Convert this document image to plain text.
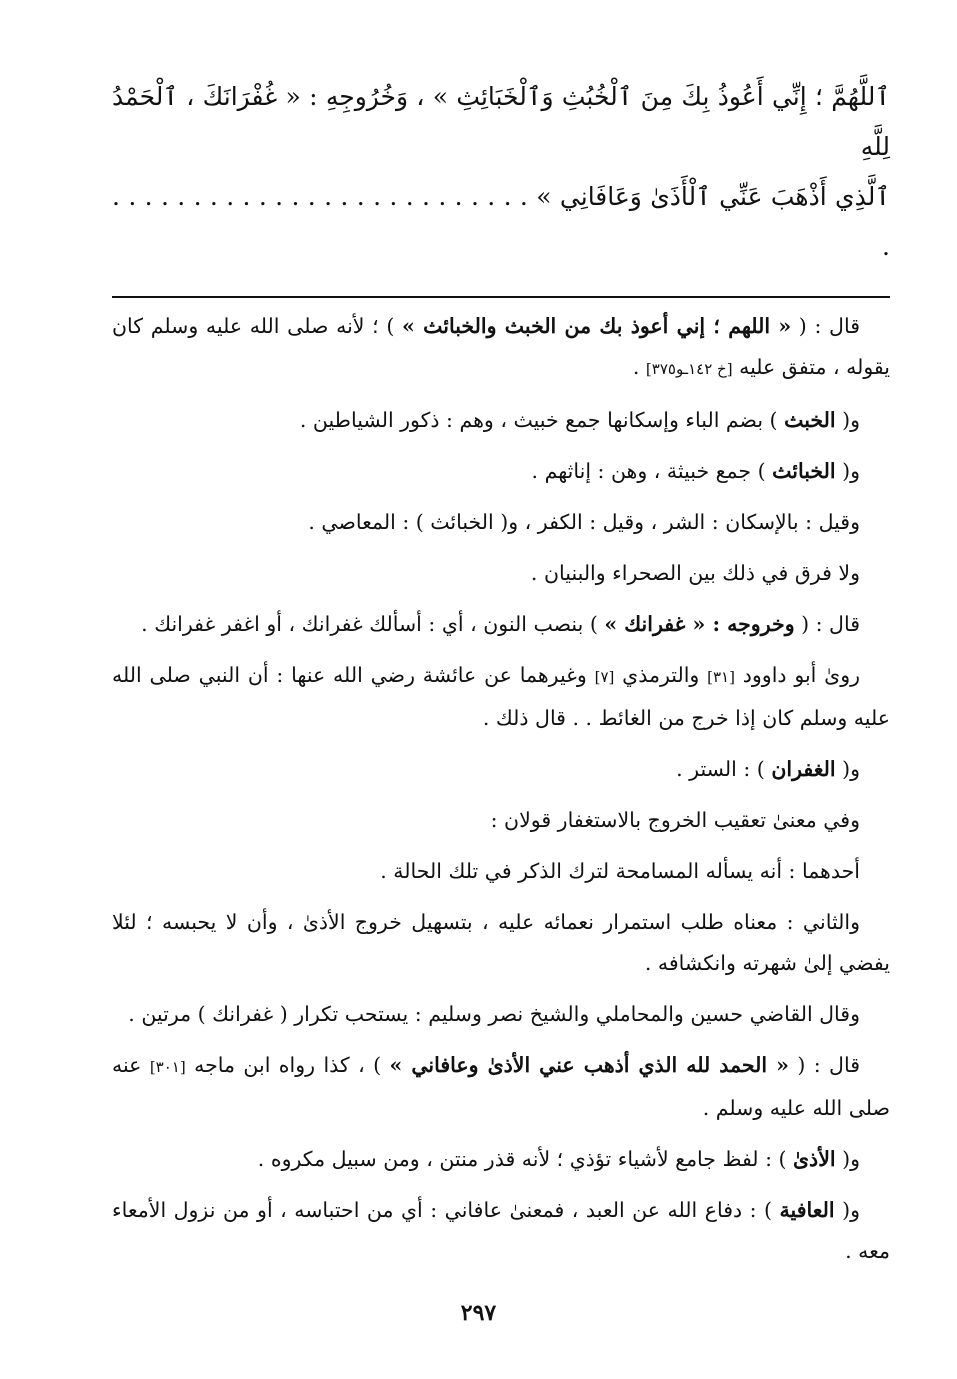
ٱللَّهُمَّ ؛ إِنِّي أَعُوذُ بِكَ مِنَ ٱلْخُبُثِ وَٱلْخَبَائِثِ » ، وَخُرُوجِهِ : « غُفْرَانَكَ ، ٱلْحَمْدُ لِلَّهِ
ٱلَّذِي أَذْهَبَ عَنِّي ٱلْأَذَىٰ وَعَافَانِي » . . . . . . . . . . . . . . . . . . . . . . . . . . .

قال : ( « اللهم ؛ إني أعوذ بك من الخبث والخبائث » ) ؛ لأنه صلى الله عليه وسلم كان يقوله ، متفق عليه [خ ١٤٢ـو٣٧٥] .

و( الخبث ) بضم الباء وإسكانها جمع خبيث ، وهم : ذكور الشياطين .

و( الخبائث ) جمع خبيثة ، وهن : إناثهم .

وقيل : بالإسكان : الشر ، وقيل : الكفر ، و( الخبائث ) : المعاصي .

ولا فرق في ذلك بين الصحراء والبنيان .

قال : ( وخروجه : « غفرانك » ) بنصب النون ، أي : أسألك غفرانك ، أو اغفر غفرانك .

روىٰ أبو داوود [٣١] والترمذي [٧] وغيرهما عن عائشة رضي الله عنها : أن النبي صلى الله عليه وسلم كان إذا خرج من الغائط . . قال ذلك .

و( الغفران ) : الستر .

وفي معنىٰ تعقيب الخروج بالاستغفار قولان :

أحدهما : أنه يسأله المسامحة لترك الذكر في تلك الحالة .

والثاني : معناه طلب استمرار نعمائه عليه ، بتسهيل خروج الأذىٰ ، وأن لا يحبسه ؛ لئلا يفضي إلىٰ شهرته وانكشافه .

وقال القاضي حسين والمحاملي والشيخ نصر وسليم : يستحب تكرار ( غفرانك ) مرتين .

قال : ( « الحمد لله الذي أذهب عني الأذىٰ وعافاني » ) ، كذا رواه ابن ماجه [٣٠١] عنه صلى الله عليه وسلم .

و( الأذىٰ ) : لفظ جامع لأشياء تؤذي ؛ لأنه قذر منتن ، ومن سبيل مكروه .

و( العافية ) : دفاع الله عن العبد ، فمعنىٰ عافاني : أي من احتباسه ، أو من نزول الأمعاء معه .

٢٩٧
